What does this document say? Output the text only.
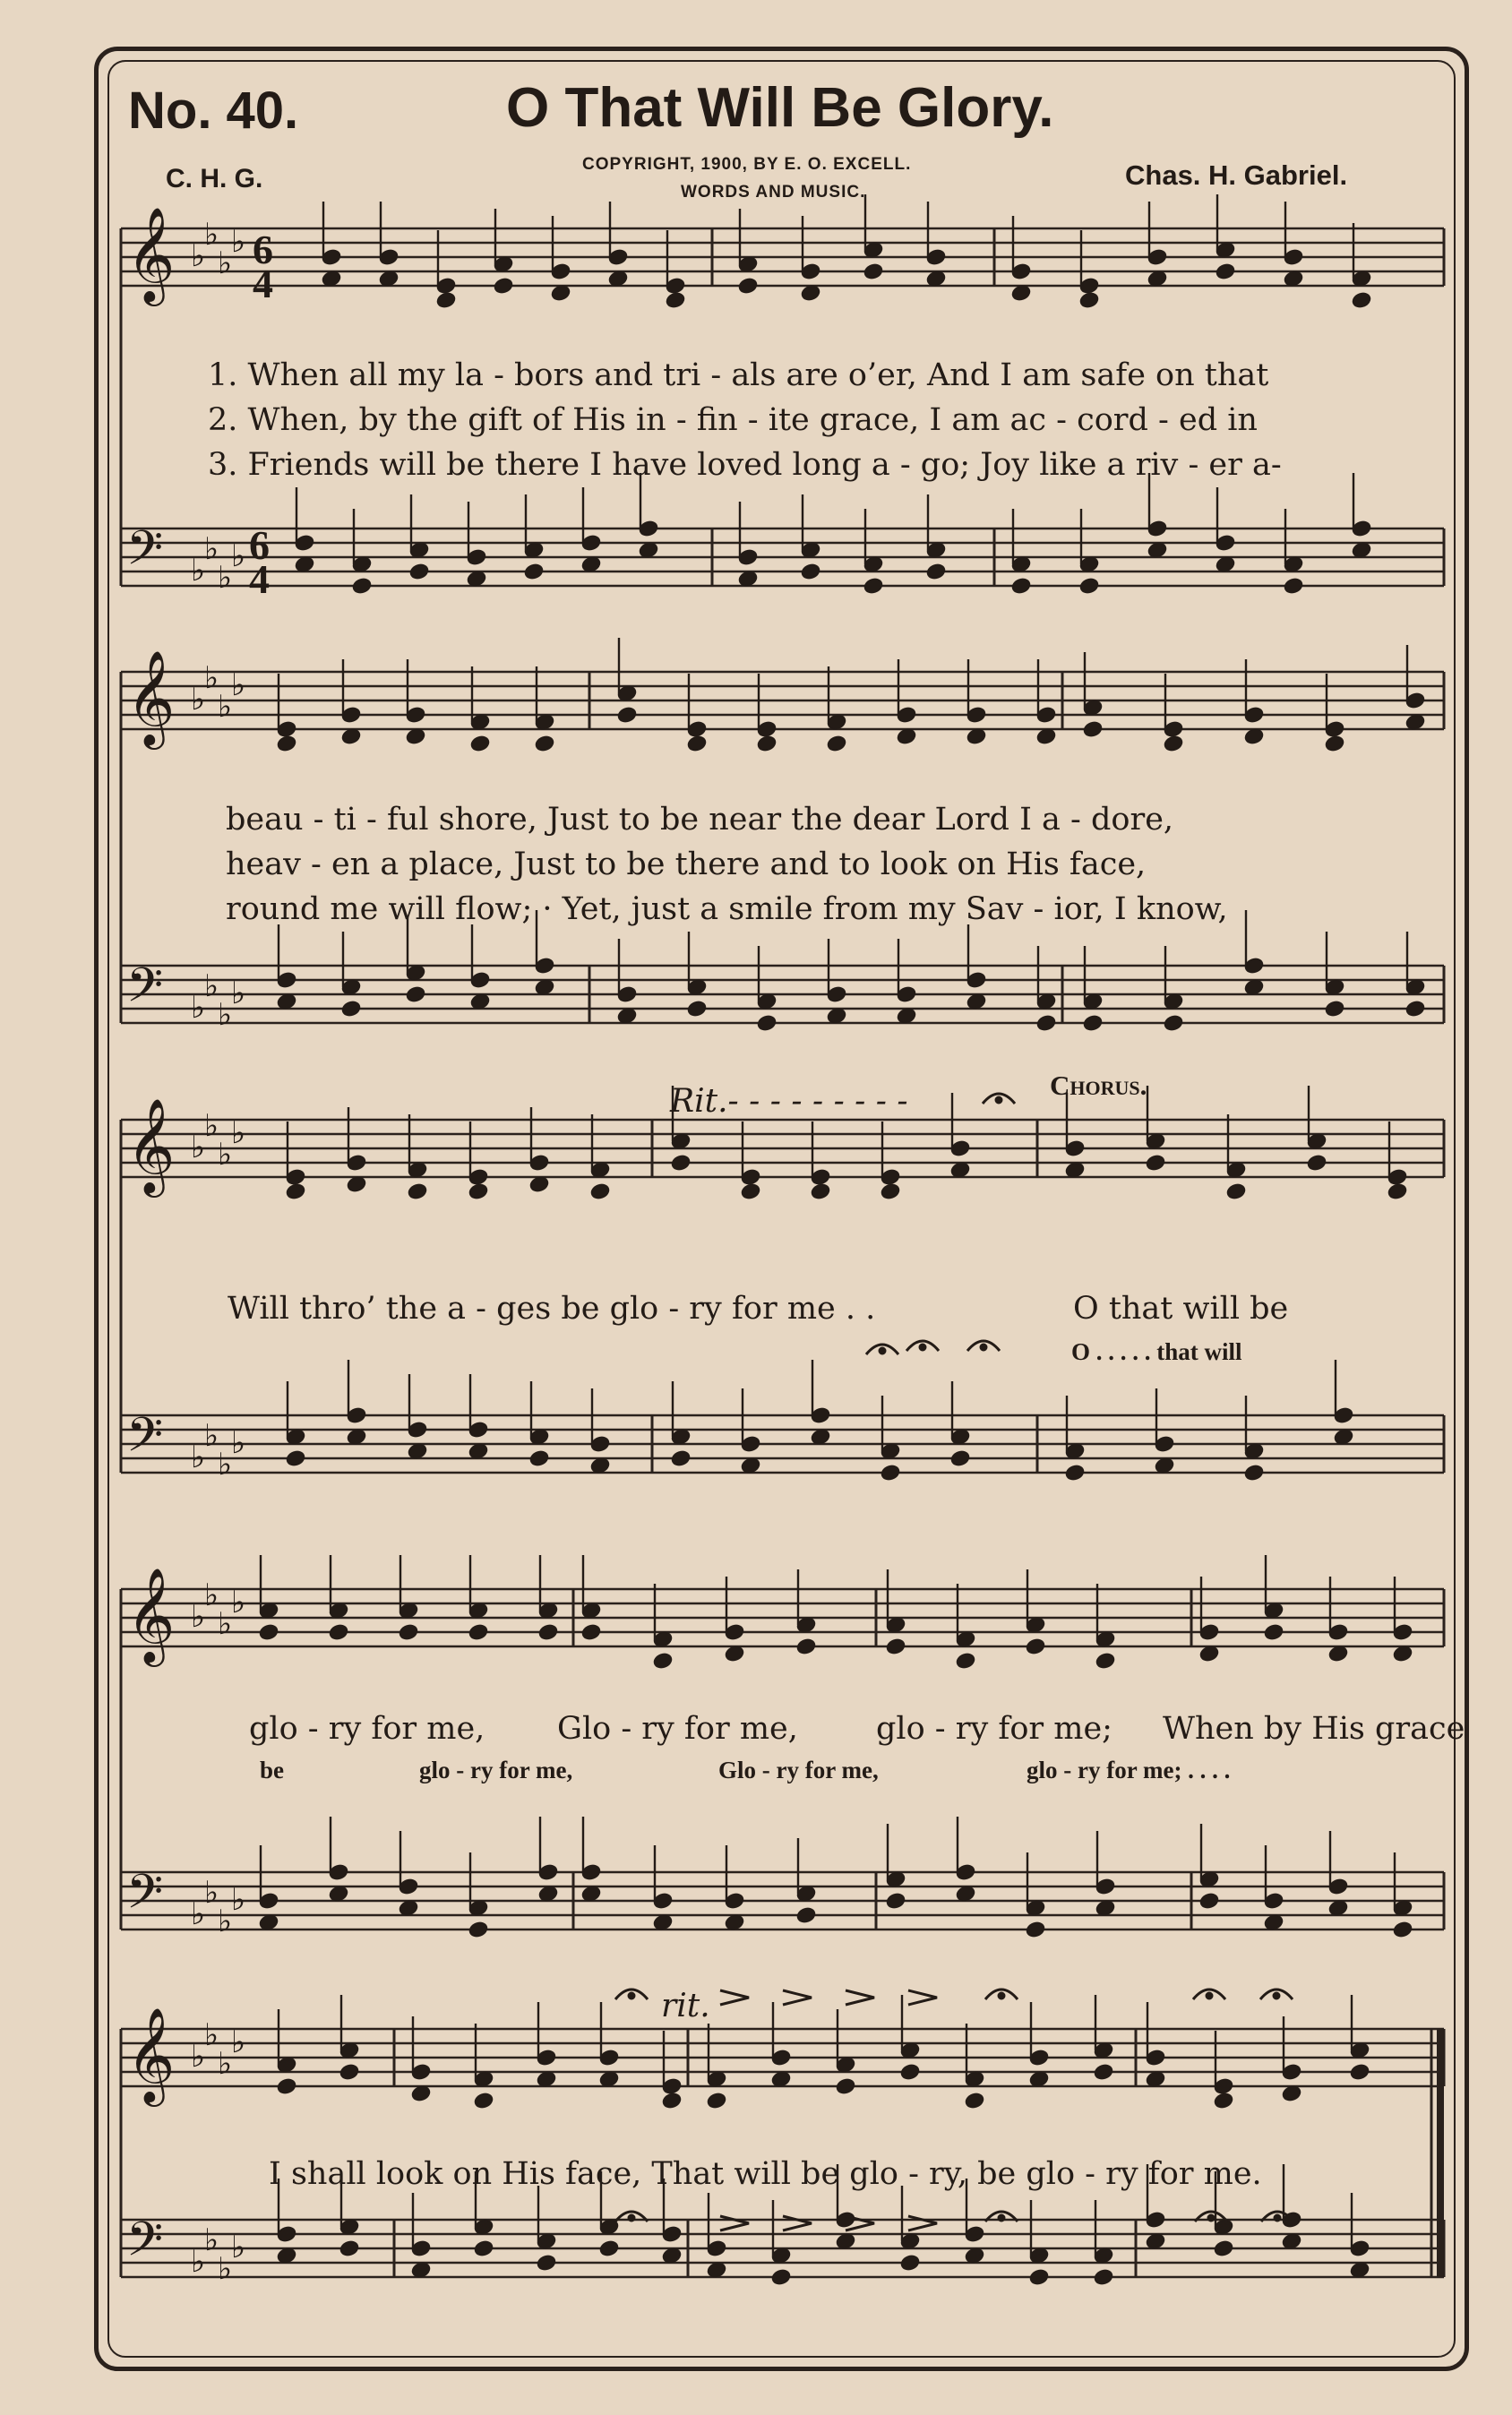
No. 40.	O That Will Be Glory.
C. H. G.	COPYRIGHT, 1900, BY E. O. EXCELL.
WORDS AND MUSIC.
Chas. H. Gabriel.
𝄞 ♭
♭
♭
♭
𝄢 ♭
♭
♭
♭
𝄞 ♭
♭
♭
♭
𝄢 ♭
♭
♭
♭
𝄞 ♭
♭
♭
♭
𝄢 ♭
♭
♭
♭
𝄞 ♭
♭
♭
♭
𝄢 ♭
♭
♭
♭
𝄞 ♭
♭
♭
♭
𝄢 ♭
♭
♭
♭
6
4
6
4
1. When all my la - bors and tri - als are o’er, And I am safe on that
2. When, by the gift of His in - fin - ite grace, I am ac - cord - ed in
3. Friends will be there I have loved long a - go; Joy like a riv - er a-
beau - ti - ful shore, Just to be near the dear Lord I a - dore,
heav - en a place, Just to be there and to look on His face,
round me will flow; · Yet, just a smile from my Sav - ior, I know,
Rit.- - - - - - - - -	Chorus.
Will thro’ the a - ges be glo - ry for me . .	O that will be
O . . . . . that will
glo - ry for me, Glo - ry for me, glo - ry for me; When by His grace
be	glo - ry for me,	Glo - ry for me,	glo - ry for me; . . . .
rit.
I shall look on His face, That will be glo - ry, be glo - ry for me.
